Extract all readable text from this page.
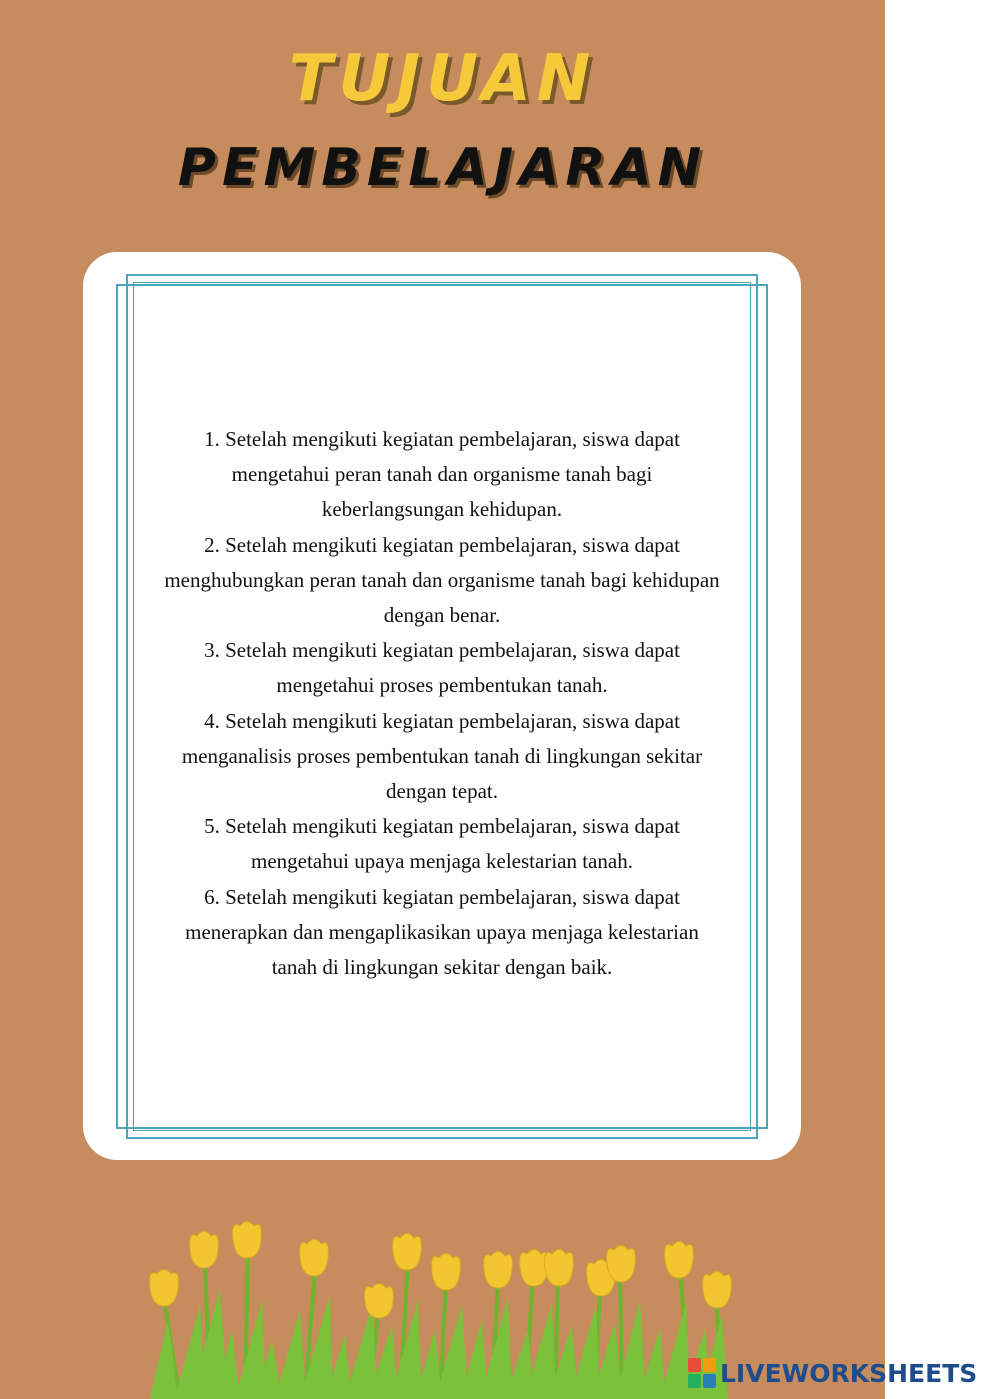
TUJUAN
PEMBELAJARAN
1. Setelah mengikuti kegiatan pembelajaran, siswa dapat mengetahui peran tanah dan organisme tanah bagi keberlangsungan kehidupan.
2. Setelah mengikuti kegiatan pembelajaran, siswa dapat menghubungkan peran tanah dan organisme tanah bagi kehidupan dengan benar.
3. Setelah mengikuti kegiatan pembelajaran, siswa dapat mengetahui proses pembentukan tanah.
4. Setelah mengikuti kegiatan pembelajaran, siswa dapat menganalisis proses pembentukan tanah di lingkungan sekitar dengan tepat.
5. Setelah mengikuti kegiatan pembelajaran, siswa dapat mengetahui upaya menjaga kelestarian tanah.
6. Setelah mengikuti kegiatan pembelajaran, siswa dapat menerapkan dan mengaplikasikan upaya menjaga kelestarian tanah di lingkungan sekitar dengan baik.
LIVEWORKSHEETS
